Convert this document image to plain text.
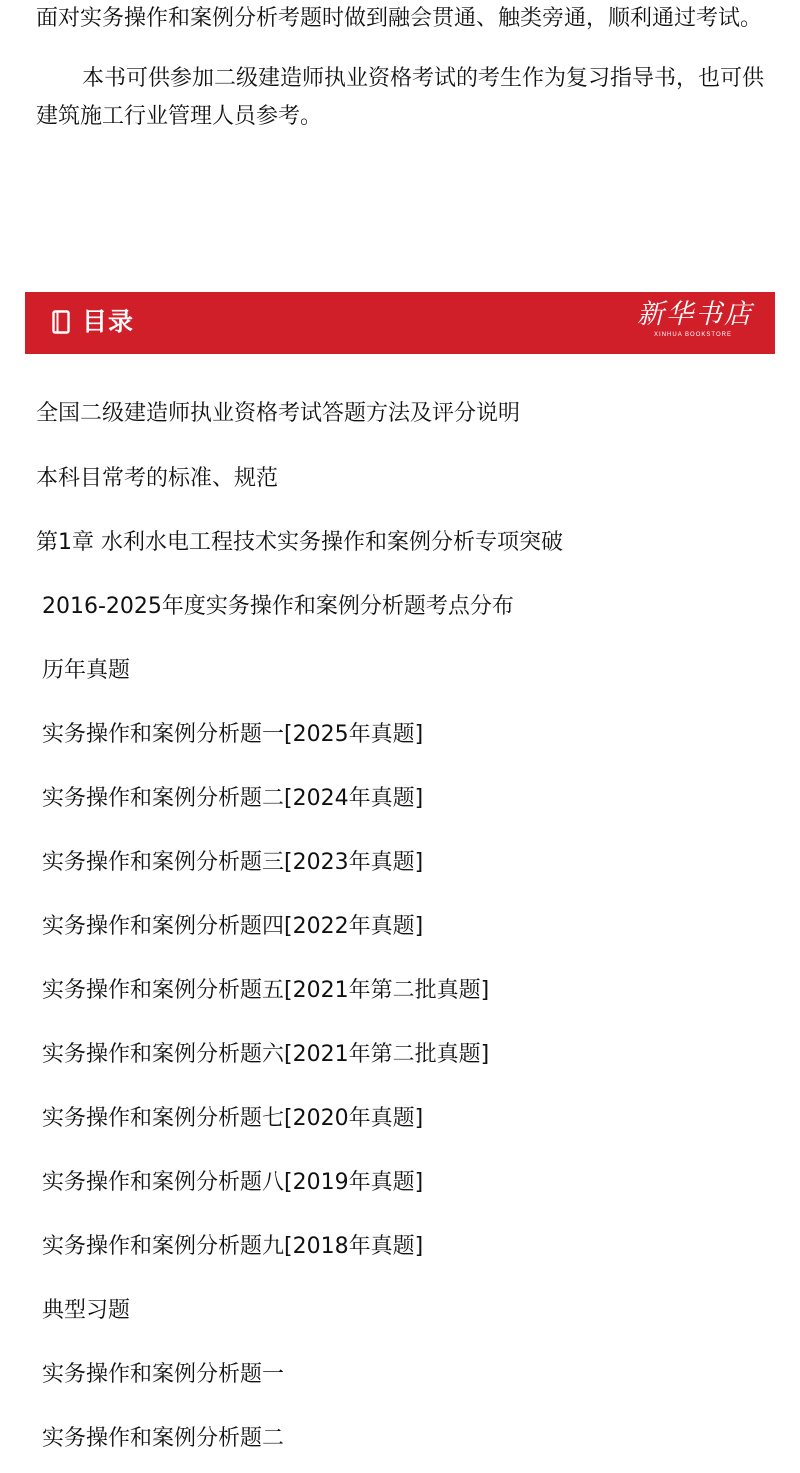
面对实务操作和案例分析考题时做到融会贯通、触类旁通，顺利通过考试。

本书可供参加二级建造师执业资格考试的考生作为复习指导书，也可供建筑施工行业管理人员参考。

目录	新华书店
XINHUA BOOKSTORE
全国二级建造师执业资格考试答题方法及评分说明
本科目常考的标准、规范
第1章 水利水电工程技术实务操作和案例分析专项突破
2016-2025年度实务操作和案例分析题考点分布
历年真题
实务操作和案例分析题一[2025年真题]
实务操作和案例分析题二[2024年真题]
实务操作和案例分析题三[2023年真题]
实务操作和案例分析题四[2022年真题]
实务操作和案例分析题五[2021年第二批真题]
实务操作和案例分析题六[2021年第二批真题]
实务操作和案例分析题七[2020年真题]
实务操作和案例分析题八[2019年真题]
实务操作和案例分析题九[2018年真题]
典型习题
实务操作和案例分析题一
实务操作和案例分析题二
